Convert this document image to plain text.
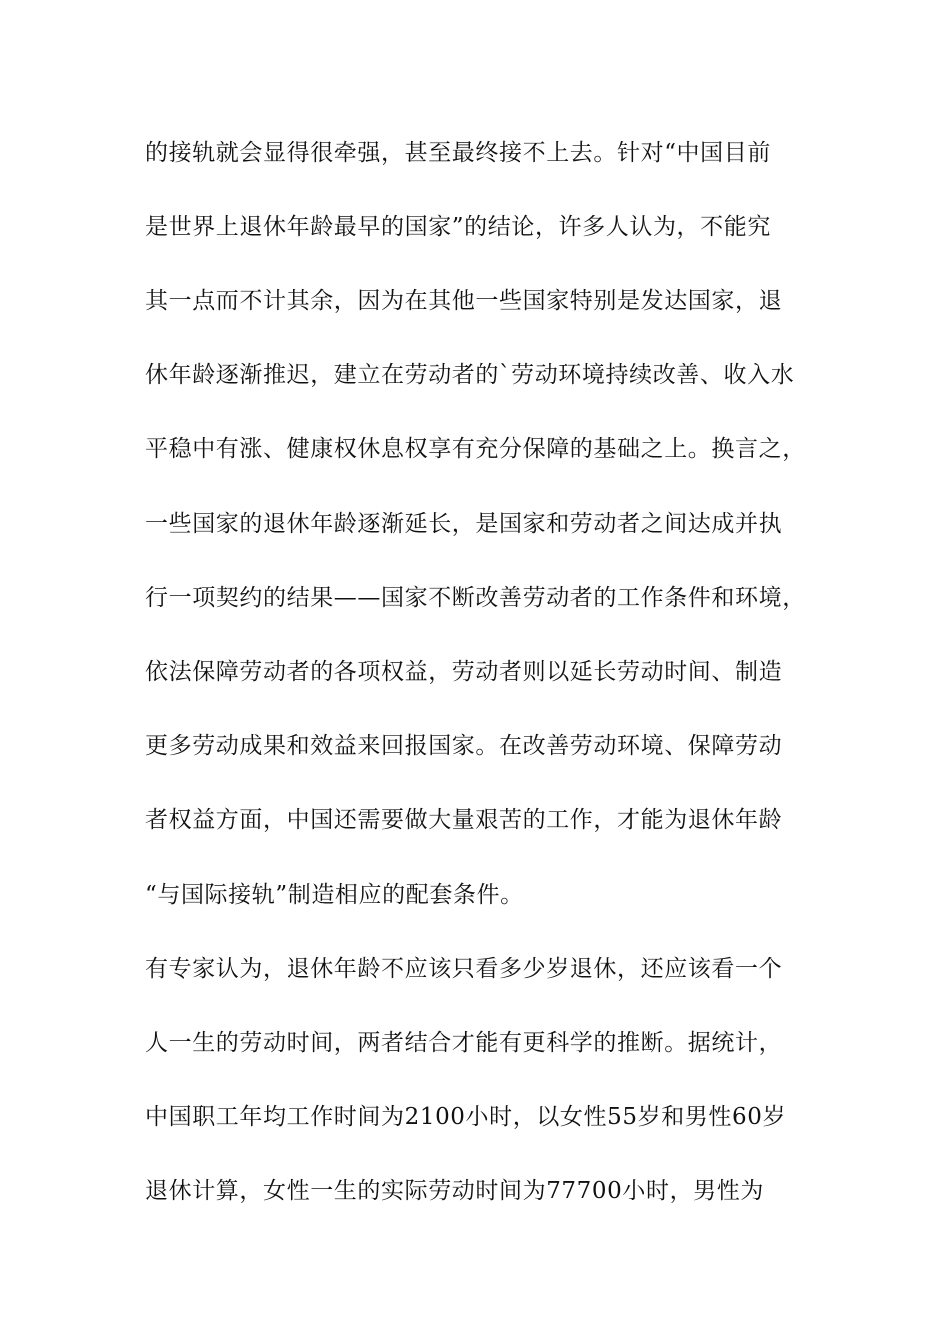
的接轨就会显得很牵强，甚至最终接不上去。针对“中国目前
是世界上退休年龄最早的国家”的结论，许多人认为，不能究
其一点而不计其余，因为在其他一些国家特别是发达国家，退
休年龄逐渐推迟，建立在劳动者的`劳动环境持续改善、收入水
平稳中有涨、健康权休息权享有充分保障的基础之上。换言之，
一些国家的退休年龄逐渐延长，是国家和劳动者之间达成并执
行一项契约的结果——国家不断改善劳动者的工作条件和环境，
依法保障劳动者的各项权益，劳动者则以延长劳动时间、制造
更多劳动成果和效益来回报国家。在改善劳动环境、保障劳动
者权益方面，中国还需要做大量艰苦的工作，才能为退休年龄
“与国际接轨”制造相应的配套条件。
有专家认为，退休年龄不应该只看多少岁退休，还应该看一个
人一生的劳动时间，两者结合才能有更科学的推断。据统计，
中国职工年均工作时间为2100小时，以女性55岁和男性60岁
退休计算，女性一生的实际劳动时间为77700小时，男性为
